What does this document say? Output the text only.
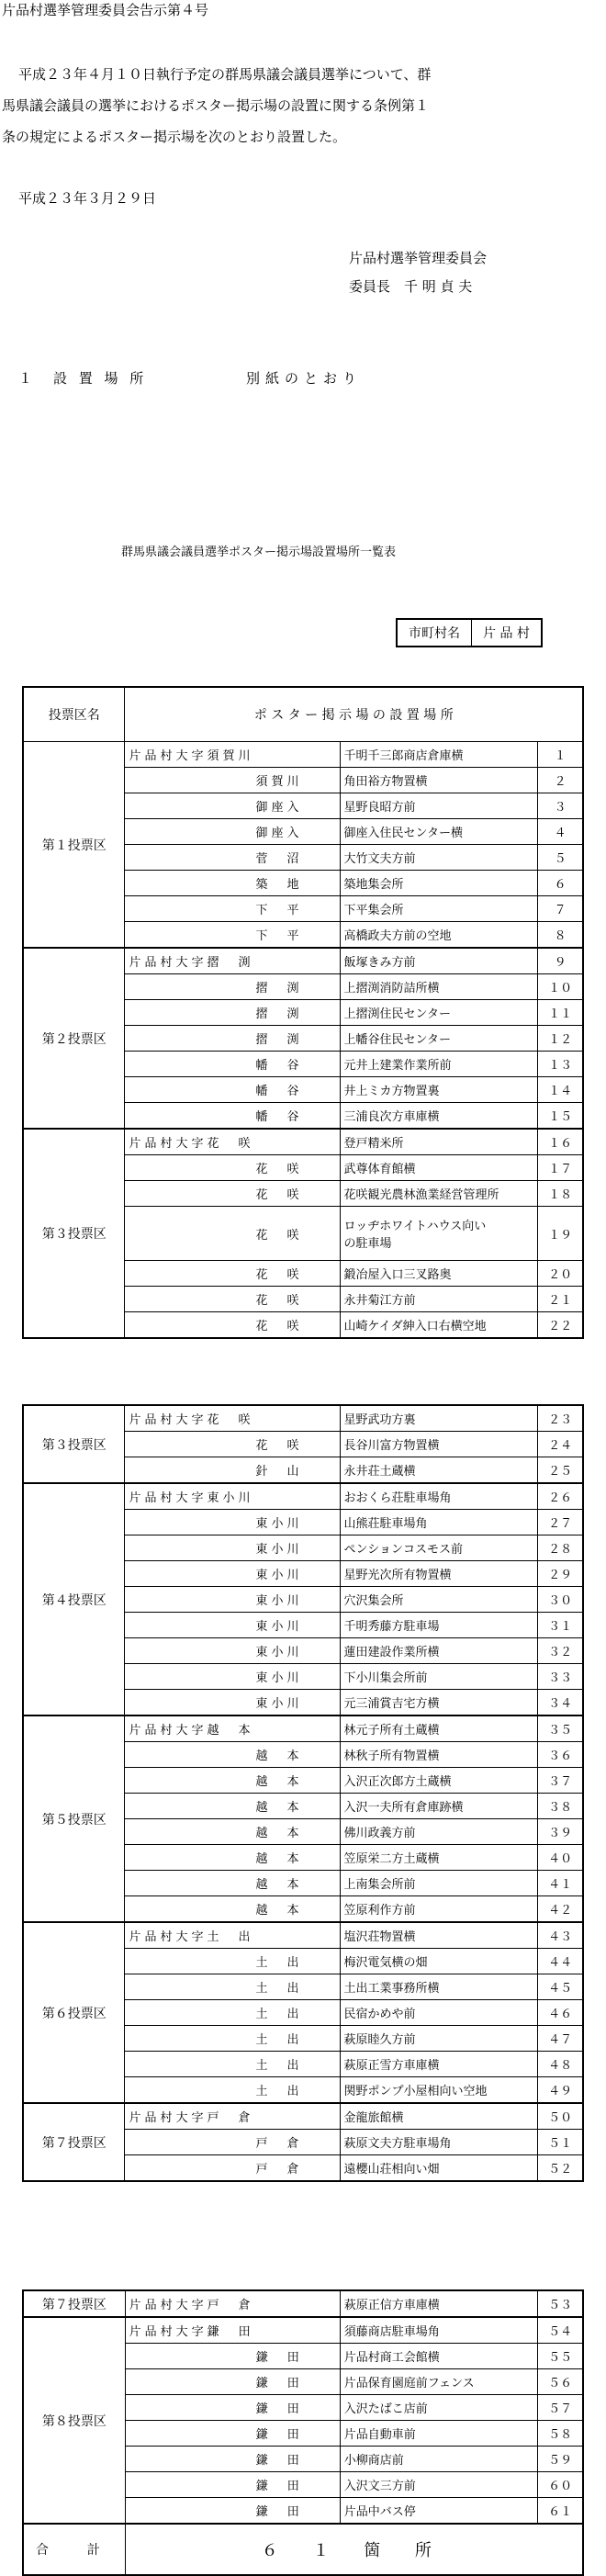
片品村選挙管理委員会告示第４号
平成２３年４月１０日執行予定の群馬県議会議員選挙について、群
馬県議会議員の選挙におけるポスター掲示場の設置に関する条例第１
条の規定によるポスター掲示場を次のとおり設置した。
平成２３年３月２９日
片品村選挙管理委員会
委員長　千 明 貞 夫
１　設 置 場 所	別紙のとおり
群馬県議会議員選挙ポスター掲示場設置場所一覧表
市町村名	片 品 村
投票区名	ポ ス タ ー 掲 示 場 の 設 置 場 所		
第１投票区	片品村大字須賀川	千明千三郎商店倉庫横	１
	須賀川	角田裕方物置横	２
	御座入	星野良昭方前	３
	御座入	御座入住民センター横	４
	菅　沼	大竹文夫方前	５
	築　地	築地集会所	６
	下　平	下平集会所	７
	下　平	高橋政夫方前の空地	８
第２投票区	片品村大字摺　渕	飯塚きみ方前	９
	摺　渕	上摺渕消防詰所横	１０
	摺　渕	上摺渕住民センター	１１
	摺　渕	上幡谷住民センター	１２
	幡　谷	元井上建業作業所前	１３
	幡　谷	井上ミカ方物置裏	１４
	幡　谷	三浦良次方車庫横	１５
第３投票区	片品村大字花　咲	登戸精米所	１６
	花　咲	武尊体育館横	１７
	花　咲	花咲観光農林漁業経営管理所	１８
	花　咲	ロッヂホワイトハウス向い
の駐車場	１９
	花　咲	鍛冶屋入口三叉路奥	２０
	花　咲	永井菊江方前	２１
	花　咲	山崎ケイダ紳入口右横空地	２２
第３投票区	片品村大字花　咲	星野武功方裏	２３
	花　咲	長谷川富方物置横	２４
	針　山	永井荘土蔵横	２５
第４投票区	片品村大字東小川	おおくら荘駐車場角	２６
	東小川	山熊荘駐車場角	２７
	東小川	ペンションコスモス前	２８
	東小川	星野光次所有物置横	２９
	東小川	穴沢集会所	３０
	東小川	千明秀藤方駐車場	３１
	東小川	蓮田建設作業所横	３２
	東小川	下小川集会所前	３３
	東小川	元三浦賞吉宅方横	３４
第５投票区	片品村大字越　本	林元子所有土蔵横	３５
	越　本	林秋子所有物置横	３６
	越　本	入沢正次郎方土蔵横	３７
	越　本	入沢一夫所有倉庫跡横	３８
	越　本	佛川政義方前	３９
	越　本	笠原栄二方土蔵横	４０
	越　本	上南集会所前	４１
	越　本	笠原利作方前	４２
第６投票区	片品村大字土　出	塩沢荘物置横	４３
	土　出	梅沢電気横の畑	４４
	土　出	土出工業事務所横	４５
	土　出	民宿かめや前	４６
	土　出	萩原睦久方前	４７
	土　出	萩原正雪方車庫横	４８
	土　出	関野ポンプ小屋相向い空地	４９
第７投票区	片品村大字戸　倉	金龍旅館横	５０
	戸　倉	萩原文夫方駐車場角	５１
	戸　倉	遠櫻山荘相向い畑	５２
第７投票区	片品村大字戸　倉	萩原正信方車庫横	５３
第８投票区	片品村大字鎌　田	須藤商店駐車場角	５４
	鎌　田	片品村商工会館横	５５
	鎌　田	片品保育園庭前フェンス	５６
	鎌　田	入沢たばこ店前	５７
	鎌　田	片品自動車前	５８
	鎌　田	小柳商店前	５９
	鎌　田	入沢文三方前	６０
	鎌　田	片品中バス停	６１
合　計	６ １ 箇 所		
